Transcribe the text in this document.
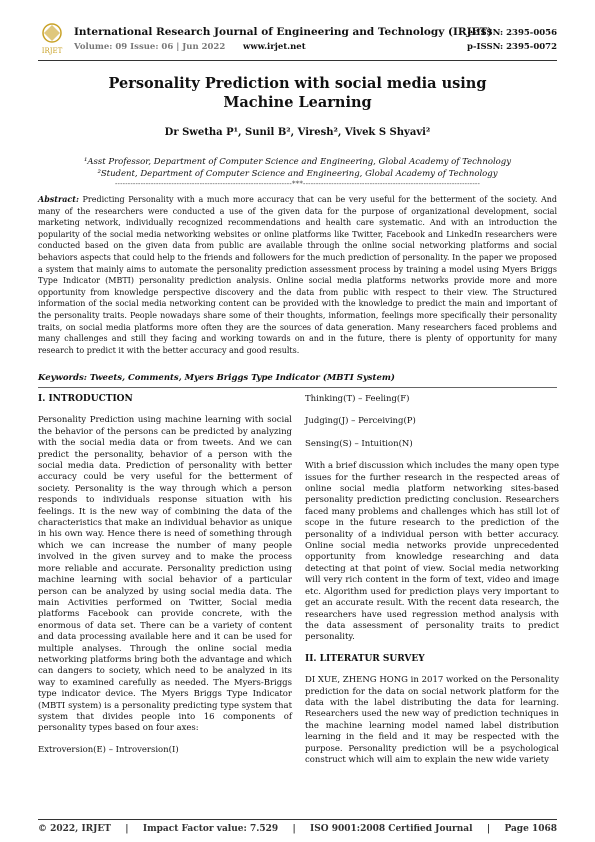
IRJET
International Research Journal of Engineering and Technology (IRJET)
Volume: 09 Issue: 06 | Jun 2022 www.irjet.net
e-ISSN: 2395-0056
p-ISSN: 2395-0072
Personality Prediction with social media using Machine Learning
Dr Swetha P¹, Sunil B², Viresh², Vivek S Shyavi²
¹Asst Professor, Department of Computer Science and Engineering, Global Academy of Technology
²Student, Department of Computer Science and Engineering, Global Academy of Technology
---------------------------------------------------------------------***---------------------------------------------------------------------
Abstract: Predicting Personality with a much more accuracy that can be very useful for the betterment of the society. And many of the researchers were conducted a use of the given data for the purpose of organizational development, social marketing network, individually recognized recommendations and health care systematic. And with an introduction the popularity of the social media networking websites or online platforms like Twitter, Facebook and LinkedIn researchers were conducted based on the given data from public are available through the online social networking platforms and social behaviors aspects that could help to the friends and followers for the much prediction of personality. In the paper we proposed a system that mainly aims to automate the personality prediction assessment process by training a model using Myers Briggs Type Indicator (MBTI) personality prediction analysis. Online social media platforms networks provide more and more opportunity from knowledge perspective discovery and the data from public with respect to their view. The Structured information of the social media networking content can be provided with the knowledge to predict the main and important of the personality traits. People nowadays share some of their thoughts, information, feelings more specifically their personality traits, on social media platforms more often they are the sources of data generation. Many researchers faced problems and many challenges and still they facing and working towards on and in the future, there is plenty of opportunity for many research to predict it with the better accuracy and good results.
Keywords: Tweets, Comments, Myers Briggs Type Indicator (MBTI System)
I. INTRODUCTION

Personality Prediction using machine learning with social the behavior of the persons can be predicted by analyzing with the social media data or from tweets. And we can predict the personality, behavior of a person with the social media data. Prediction of personality with better accuracy could be very useful for the betterment of society. Personality is the way through which a person responds to individuals response situation with his feelings. It is the new way of combining the data of the characteristics that make an individual behavior as unique in his own way. Hence there is need of something through which we can increase the number of many people involved in the given survey and to make the process more reliable and accurate. Personality prediction using machine learning with social behavior of a particular person can be analyzed by using social media data. The main Activities performed on Twitter, Social media platforms Facebook can provide concrete, with the enormous of data set. There can be a variety of content and data processing available here and it can be used for multiple analyses. Through the online social media networking platforms bring both the advantage and which can dangers to society, which need to be analyzed in its way to examined carefully as needed. The Myers-Briggs type indicator device. The Myers Briggs Type Indicator (MBTI system) is a personality predicting type system that system that divides people into 16 components of personality types based on four axes:

Extroversion(E) – Introversion(I)
Thinking(T) – Feeling(F)
Judging(J) – Perceiving(P)
Sensing(S) – Intuition(N)

With a brief discussion which includes the many open type issues for the further research in the respected areas of online social media platform networking sites-based personality prediction predicting conclusion. Researchers faced many problems and challenges which has still lot of scope in the future research to the prediction of the personality of a individual person with better accuracy. Online social media networks provide unprecedented opportunity from knowledge researching and data detecting at that point of view. Social media networking will very rich content in the form of text, video and image etc. Algorithm used for prediction plays very important to get an accurate result. With the recent data research, the researchers have used regression method analysis with the data assessment of personality traits to predict personality.

II. LITERATUR SURVEY

DI XUE, ZHENG HONG in 2017 worked on the Personality prediction for the data on social network platform for the data with the label distributing the data for learning. Researchers used the new way of prediction techniques in the machine learning model named label distribution learning in the field and it may be respected with the purpose. Personality prediction will be a psychological construct which will aim to explain the new wide variety

© 2022, IRJET | Impact Factor value: 7.529 | ISO 9001:2008 Certified Journal | Page 1068
